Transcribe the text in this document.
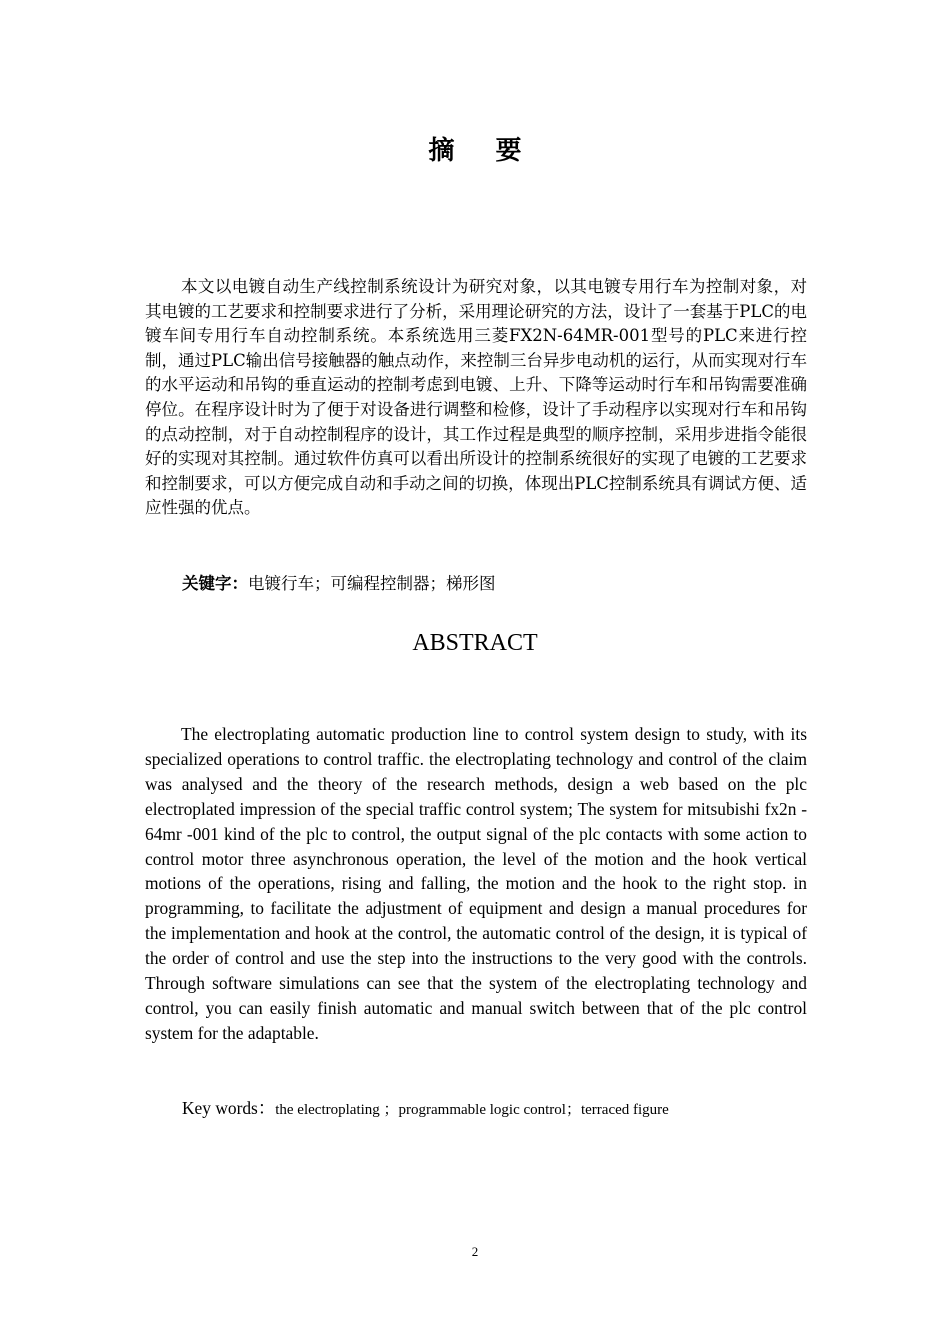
摘 要

本文以电镀自动生产线控制系统设计为研究对象，以其电镀专用行车为控制对象，对其电镀的工艺要求和控制要求进行了分析，采用理论研究的方法，设计了一套基于PLC的电镀车间专用行车自动控制系统。本系统选用三菱FX2N-64MR-001型号的PLC来进行控制，通过PLC输出信号接触器的触点动作，来控制三台异步电动机的运行，从而实现对行车的水平运动和吊钩的垂直运动的控制考虑到电镀、上升、下降等运动时行车和吊钩需要准确停位。在程序设计时为了便于对设备进行调整和检修，设计了手动程序以实现对行车和吊钩的点动控制，对于自动控制程序的设计，其工作过程是典型的顺序控制，采用步进指令能很好的实现对其控制。通过软件仿真可以看出所设计的控制系统很好的实现了电镀的工艺要求和控制要求，可以方便完成自动和手动之间的切换，体现出PLC控制系统具有调试方便、适应性强的优点。

关键字：电镀行车；可编程控制器；梯形图

ABSTRACT

The electroplating automatic production line to control system design to study, with its specialized operations to control traffic. the electroplating technology and control of the claim was analysed and the theory of the research methods, design a web based on the plc electroplated impression of the special traffic control system; The system for mitsubishi fx2n - 64mr -001 kind of the plc to control, the output signal of the plc contacts with some action to control motor three asynchronous operation, the level of the motion and the hook vertical motions of the operations, rising and falling, the motion and the hook to the right stop. in programming, to facilitate the adjustment of equipment and design a manual procedures for the implementation and hook at the control, the automatic control of the design, it is typical of the order of control and use the step into the instructions to the very good with the controls. Through software simulations can see that the system of the electroplating technology and control, you can easily finish automatic and manual switch between that of the plc control system for the adaptable.

Key words：the electroplating ；programmable logic control；terraced figure

2
